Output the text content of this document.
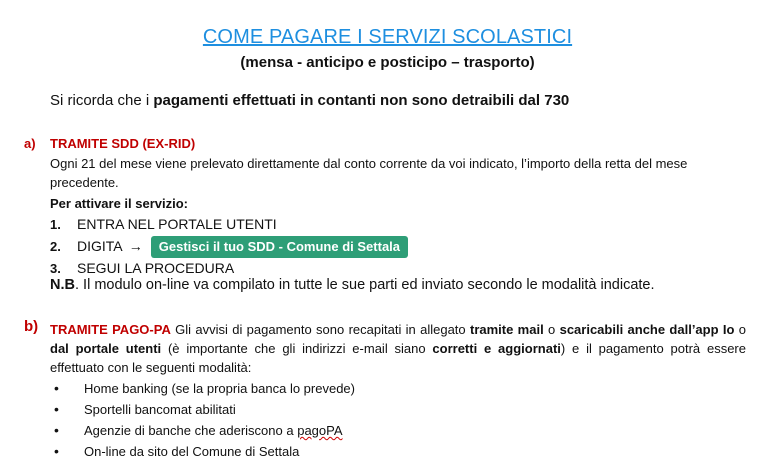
COME PAGARE I SERVIZI SCOLASTICI
(mensa - anticipo e posticipo – trasporto)
Si ricorda che i pagamenti effettuati in contanti non sono detraibili dal 730
a) TRAMITE SDD (EX-RID)
Ogni 21 del mese viene prelevato direttamente dal conto corrente da voi indicato, l’importo della retta del mese precedente.
Per attivare il servizio:
1. ENTRA NEL PORTALE UTENTI
2. DIGITA → Gestisci il tuo SDD - Comune di Settala
3. SEGUI LA PROCEDURA
N.B. Il modulo on-line va compilato in tutte le sue parti ed inviato secondo le modalità indicate.
b) TRAMITE PAGO-PA Gli avvisi di pagamento sono recapitati in allegato tramite mail o scaricabili anche dall’app Io o dal portale utenti (è importante che gli indirizzi e-mail siano corretti e aggiornati) e il pagamento potrà essere effettuato con le seguenti modalità:
• Home banking (se la propria banca lo prevede)
• Sportelli bancomat abilitati
• Agenzie di banche che aderiscono a pagoPA
• On-line da sito del Comune di Settala
